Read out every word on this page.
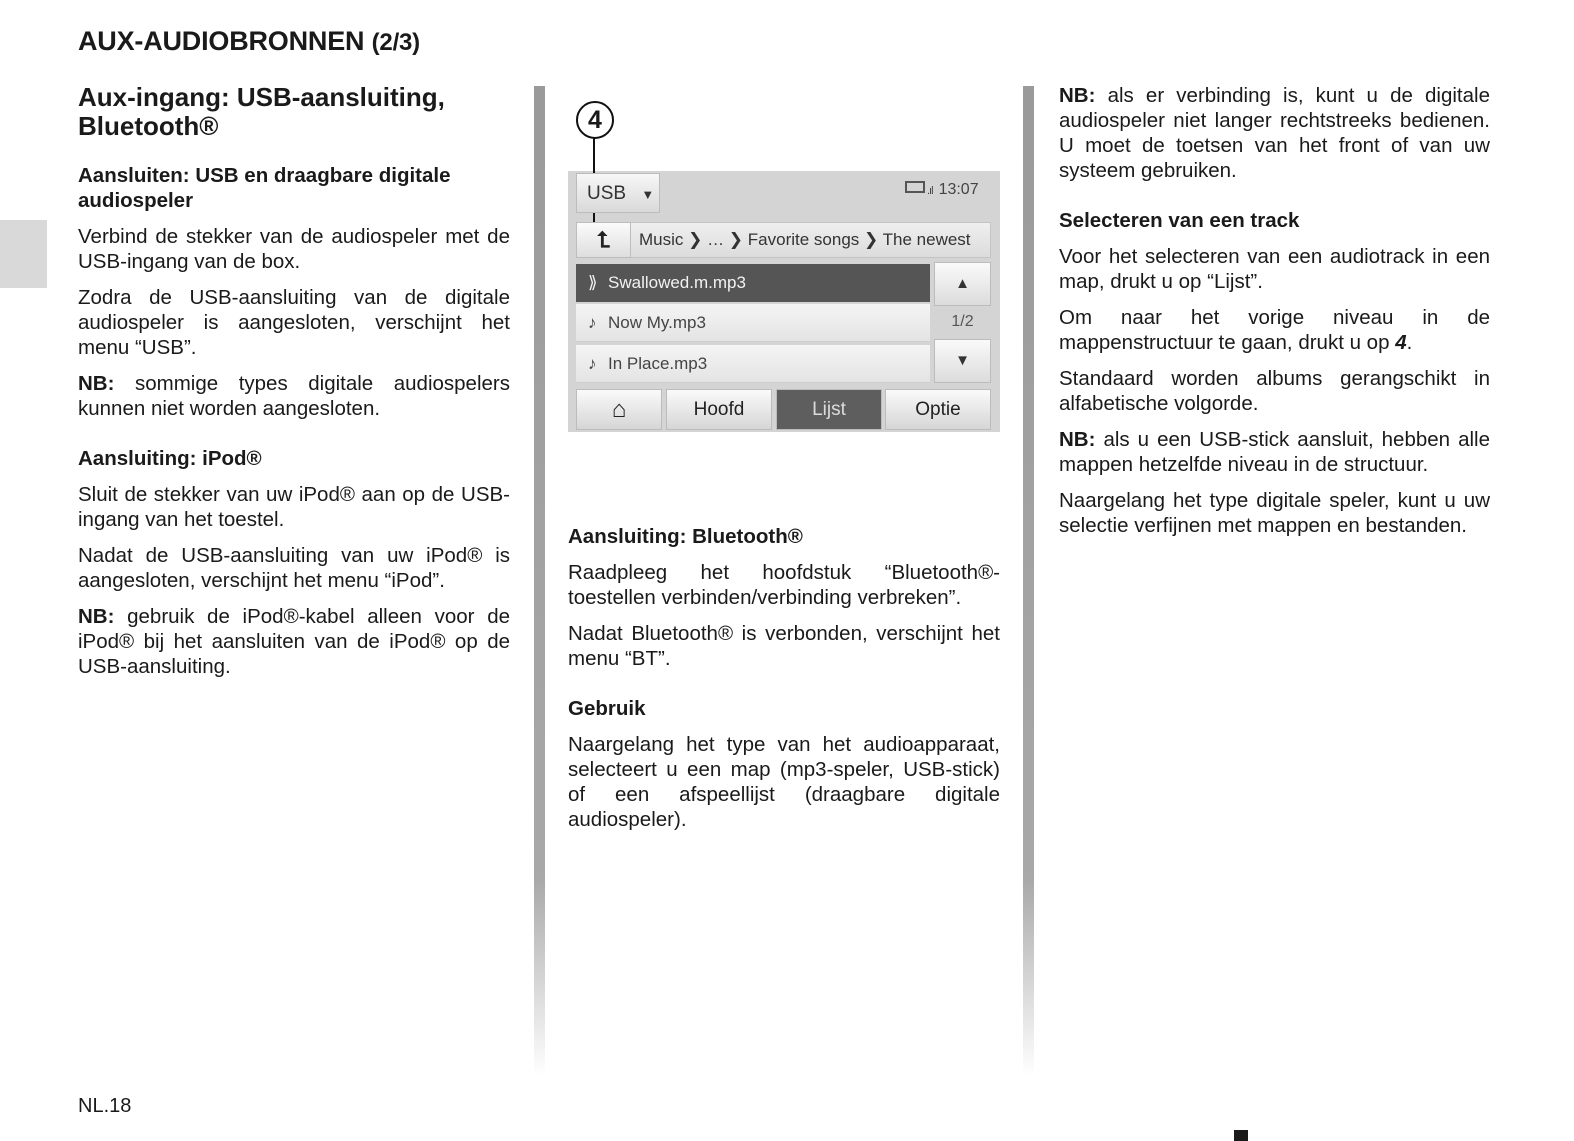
AUX-AUDIOBRONNEN (2/3)
Aux-ingang: USB-aansluiting, Bluetooth®
Aansluiten: USB en draagbare digitale audiospeler

Verbind de stekker van de audiospeler met de USB-ingang van de box.

Zodra de USB-aansluiting van de digitale audiospeler is aangesloten, verschijnt het menu “USB”.

NB: sommige types digitale audiospelers kunnen niet worden aangesloten.

Aansluiting: iPod®

Sluit de stekker van uw iPod® aan op de USB-ingang van het toestel.

Nadat de USB-aansluiting van uw iPod® is aangesloten, verschijnt het menu “iPod”.

NB: gebruik de iPod®-kabel alleen voor de iPod® bij het aansluiten van de iPod® op de USB-aansluiting.

4
USB ▼	.ıl 13:07
⮤	Music ❯ … ❯ Favorite songs ❯ The newest
⟫ Swallowed.m.mp3
♪ Now My.mp3
♪ In Place.mp3
▲
1/2
▼
⌂	Hoofd	Lijst	Optie
Aansluiting: Bluetooth®

Raadpleeg het hoofdstuk “Bluetooth®-toestellen verbinden/verbinding verbreken”.

Nadat Bluetooth® is verbonden, verschijnt het menu “BT”.

Gebruik

Naargelang het type van het audioapparaat, selecteert u een map (mp3-speler, USB-stick) of een afspeellijst (draagbare digitale audiospeler).

NB: als er verbinding is, kunt u de digitale audiospeler niet langer rechtstreeks bedienen. U moet de toetsen van het front of van uw systeem gebruiken.

Selecteren van een track

Voor het selecteren van een audiotrack in een map, drukt u op “Lijst”.

Om naar het vorige niveau in de mappenstructuur te gaan, drukt u op 4.

Standaard worden albums gerangschikt in alfabetische volgorde.

NB: als u een USB-stick aansluit, hebben alle mappen hetzelfde niveau in de structuur.

Naargelang het type digitale speler, kunt u uw selectie verfijnen met mappen en bestanden.

NL.18
